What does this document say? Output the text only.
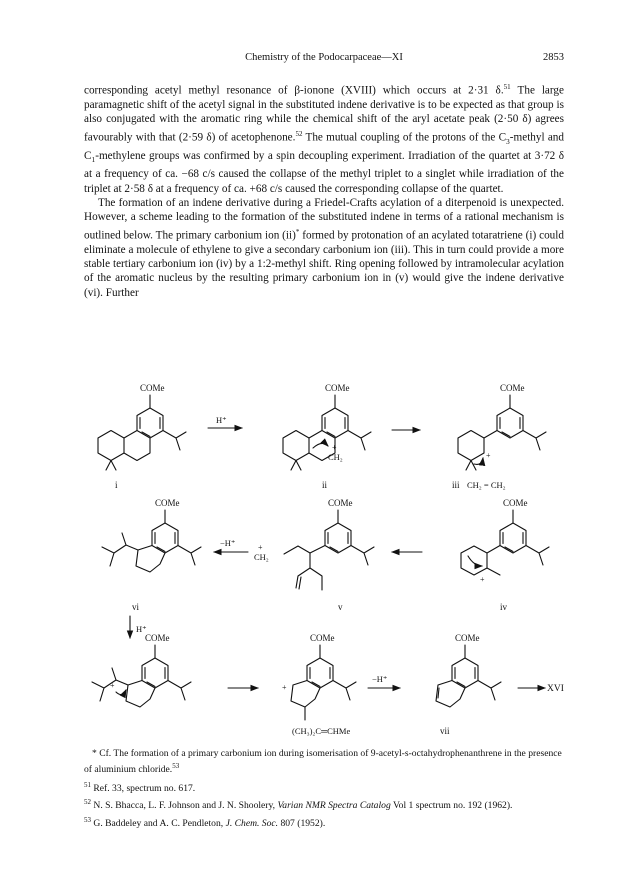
Chemistry of the Podocarpaceae—XI	2853

corresponding acetyl methyl resonance of β-ionone (XVIII) which occurs at 2·31 δ.$^{51}$ The large paramagnetic shift of the acetyl signal in the substituted indene derivative is to be expected as that group is also conjugated with the aromatic ring while the chemical shift of the aryl acetate peak (2·50 δ) agrees favourably with that (2·59 δ) of acetophenone.$^{52}$ The mutual coupling of the protons of the $C_3$-methyl and $C_1$-methylene groups was confirmed by a spin decoupling experiment. Irradiation of the quartet at 3·72 δ at a frequency of ca. −68 c/s caused the collapse of the methyl triplet to a singlet while irradiation of the triplet at 2·58 δ at a frequency of ca. +68 c/s caused the corresponding collapse of the quartet.

The formation of an indene derivative during a Friedel-Crafts acylation of a diterpenoid is unexpected. However, a scheme leading to the formation of the substituted indene in terms of a rational mechanism is outlined below. The primary carbonium ion (ii)* formed by protonation of an acylated totaratriene (i) could eliminate a molecule of ethylene to give a secondary carbonium ion (iii). This in turn could provide a more stable tertiary carbonium ion (iv) by a 1:2-methyl shift. Ring opening followed by intramolecular acylation of the aromatic nucleus by the resulting primary carbonium ion in (v) would give the indene derivative (vi). Further

COMe
i
H⁺
COMe
+
CH₂
ii
COMe
+
iii CH₂ = CH₂
COMe
vi
−H⁺	+
CH₂
COMe
v
COMe
+
iv
H⁺
COMe
+
COMe
+
(CH₃)₂C═CHMe
−H⁺
COMe
vii
XVI

* Cf. The formation of a primary carbonium ion during isomerisation of 9-acetyl-s-octahydrophenanthrene in the presence of aluminium chloride.$^{53}$

$^{51}$ Ref. 33, spectrum no. 617.

$^{52}$ N. S. Bhacca, L. F. Johnson and J. N. Shoolery, Varian NMR Spectra Catalog Vol 1 spectrum no. 192 (1962).

$^{53}$ G. Baddeley and A. C. Pendleton, J. Chem. Soc. 807 (1952).
